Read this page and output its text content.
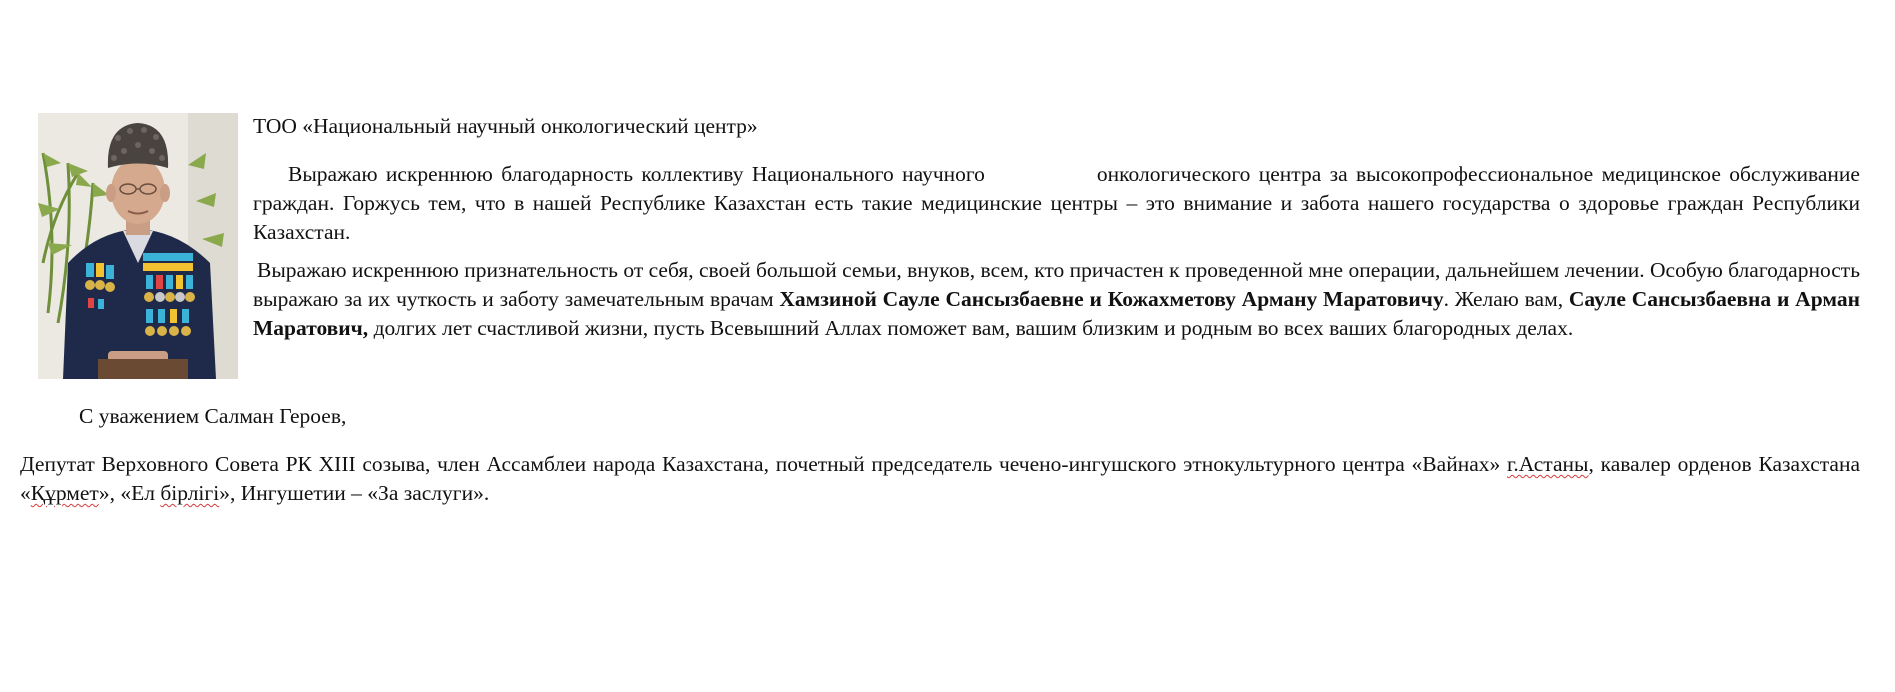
ТОО «Национальный научный онкологический центр»

Выражаю искреннюю благодарность коллективу Национального научного	онкологического центра за высокопрофессиональное медицинское обслуживание граждан. Горжусь тем, что в нашей Республике Казахстан есть такие медицинские центры – это внимание и забота нашего государства о здоровье граждан Республики Казахстан.

Выражаю искреннюю признательность от себя, своей большой семьи, внуков, всем, кто причастен к проведенной мне операции, дальнейшем лечении. Особую благодарность выражаю за их чуткость и заботу замечательным врачам Хамзиной Сауле Сансызбаевне и Кожахметову Арману Маратовичу. Желаю вам, Сауле Сансызбаевна и Арман Маратович, долгих лет счастливой жизни, пусть Всевышний Аллах поможет вам, вашим близким и родным во всех ваших благородных делах.

С уважением Салман Героев,

Депутат Верховного Совета РК XIII созыва, член Ассамблеи народа Казахстана, почетный председатель чечено-ингушского этнокультурного центра «Вайнах» г.Астаны, кавалер орденов Казахстана «Құрмет», «Ел бірлігі», Ингушетии – «За заслуги».
